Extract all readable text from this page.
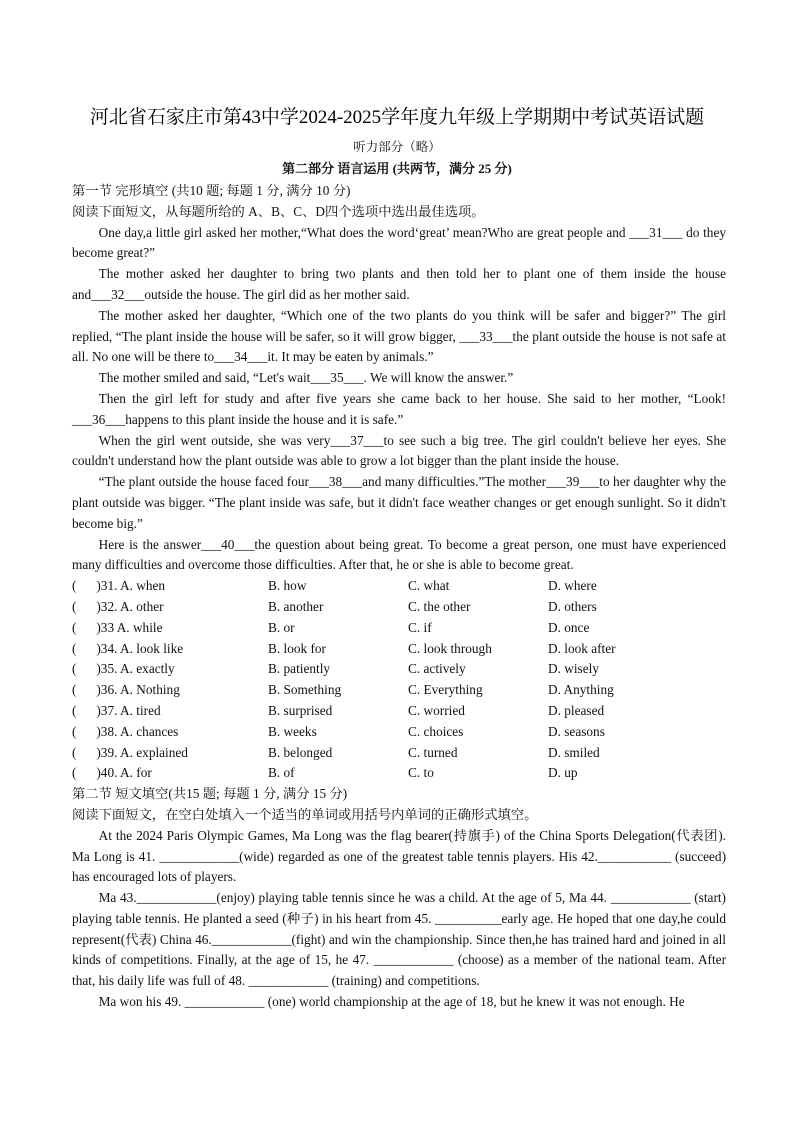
河北省石家庄市第43中学2024-2025学年度九年级上学期期中考试英语试题
听力部分（略）
第二部分 语言运用 (共两节，满分 25 分)

第一节 完形填空 (共10 题; 每题 1 分, 满分 10 分)

阅读下面短文，从每题所给的 A、B、C、D四个选项中选出最佳选项。

One day,a little girl asked her mother,“What does the word‘great’ mean?Who are great people and ___31___ do they become great?”

The mother asked her daughter to bring two plants and then told her to plant one of them inside the house and___32___outside the house. The girl did as her mother said.

The mother asked her daughter, “Which one of the two plants do you think will be safer and bigger?” The girl replied, “The plant inside the house will be safer, so it will grow bigger, ___33___the plant outside the house is not safe at all. No one will be there to___34___it. It may be eaten by animals.”

The mother smiled and said, “Let's wait___35___. We will know the answer.”

Then the girl left for study and after five years she came back to her house. She said to her mother, “Look! ___36___happens to this plant inside the house and it is safe.”

When the girl went outside, she was very___37___to see such a big tree. The girl couldn't believe her eyes. She couldn't understand how the plant outside was able to grow a lot bigger than the plant inside the house.

“The plant outside the house faced four___38___and many difficulties.”The mother___39___to her daughter why the plant outside was bigger. “The plant inside was safe, but it didn't face weather changes or get enough sunlight. So it didn't become big.”

Here is the answer___40___the question about being great. To become a great person, one must have experienced many difficulties and overcome those difficulties. After that, he or she is able to become great.

(      )31. A. when	B. how	C. what	D. where
(      )32. A. other	B. another	C. the other	D. others
(      )33 A. while	B. or	C. if	D. once
(      )34. A. look like	B. look for	C. look through	D. look after
(      )35. A. exactly	B. patiently	C. actively	D. wisely
(      )36. A. Nothing	B. Something	C. Everything	D. Anything
(      )37. A. tired	B. surprised	C. worried	D. pleased
(      )38. A. chances	B. weeks	C. choices	D. seasons
(      )39. A. explained	B. belonged	C. turned	D. smiled
(      )40. A. for	B. of	C. to	D. up

第二节 短文填空(共15 题; 每题 1 分, 满分 15 分)

阅读下面短文，在空白处填入一个适当的单词或用括号内单词的正确形式填空。

At the 2024 Paris Olympic Games, Ma Long was the flag bearer(持旗手) of the China Sports Delegation(代表团). Ma Long is 41. ____________(wide) regarded as one of the greatest table tennis players. His 42.___________ (succeed) has encouraged lots of players.

Ma 43.____________(enjoy) playing table tennis since he was a child. At the age of 5, Ma 44. ____________ (start) playing table tennis. He planted a seed (种子) in his heart from 45. __________early age. He hoped that one day,he could represent(代表) China 46.____________(fight) and win the championship. Since then,he has trained hard and joined in all kinds of competitions. Finally, at the age of 15, he 47. ____________ (choose) as a member of the national team. After that, his daily life was full of 48. ____________ (training) and competitions.

Ma won his 49. ____________ (one) world championship at the age of 18, but he knew it was not enough. He
